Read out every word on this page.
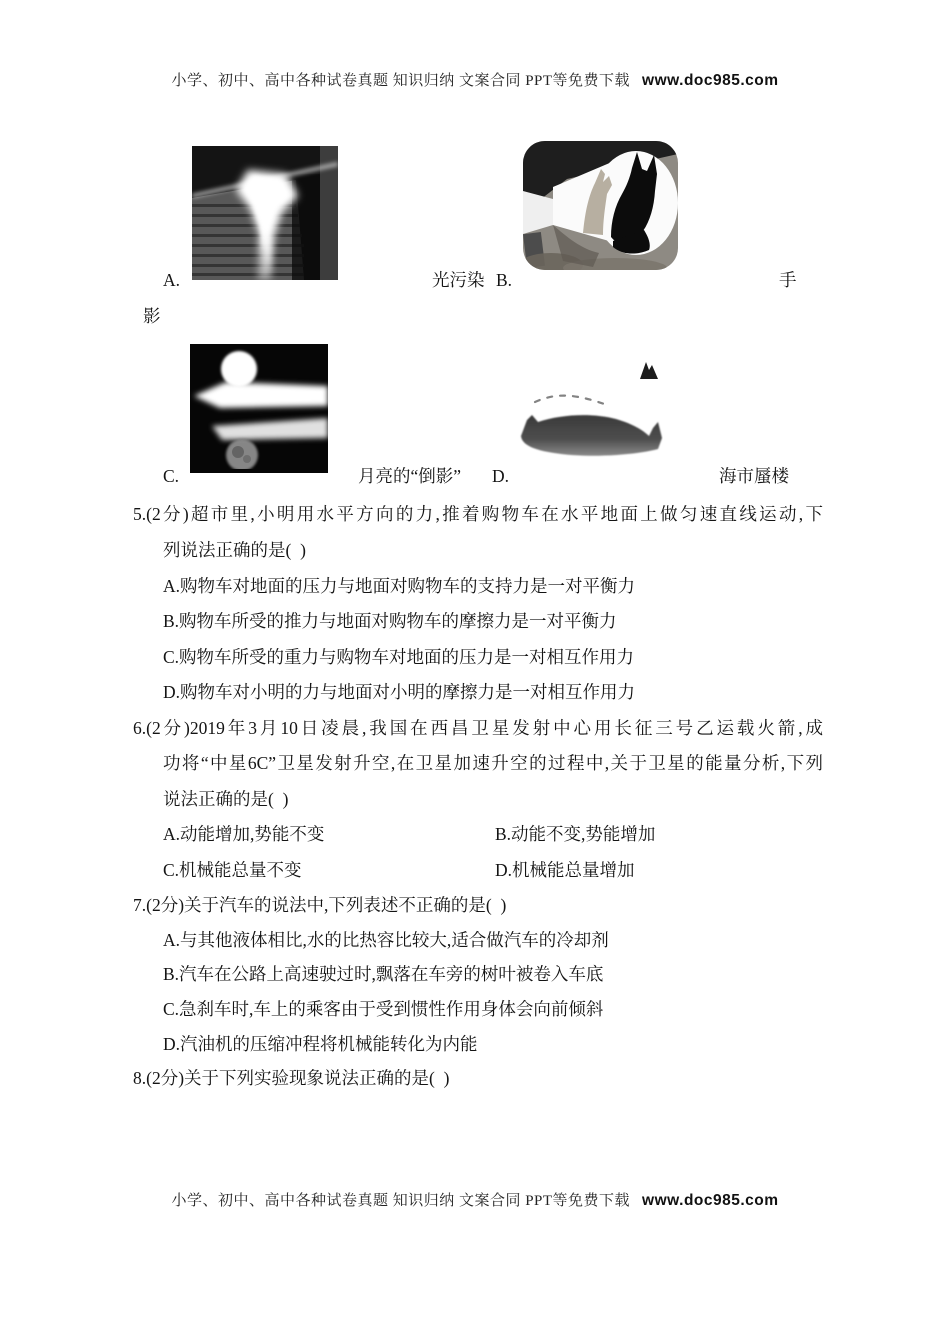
小学、初中、高中各种试卷真题 知识归纳 文案合同 PPT等免费下载 www.doc985.com
A.	光污染 B.	手
影
C.	月亮的“倒影” D.	海市蜃楼
5.(2分)超市里,小明用水平方向的力,推着购物车在水平地面上做匀速直线运动,下
列说法正确的是(  )
A.购物车对地面的压力与地面对购物车的支持力是一对平衡力
B.购物车所受的推力与地面对购物车的摩擦力是一对平衡力
C.购物车所受的重力与购物车对地面的压力是一对相互作用力
D.购物车对小明的力与地面对小明的摩擦力是一对相互作用力
6.(2分)2019年3月10日凌晨,我国在西昌卫星发射中心用长征三号乙运载火箭,成
功将“中星6C”卫星发射升空,在卫星加速升空的过程中,关于卫星的能量分析,下列
说法正确的是(  )
A.动能增加,势能不变	B.动能不变,势能增加
C.机械能总量不变	D.机械能总量增加
7.(2分)关于汽车的说法中,下列表述不正确的是(  )
A.与其他液体相比,水的比热容比较大,适合做汽车的冷却剂
B.汽车在公路上高速驶过时,飘落在车旁的树叶被卷入车底
C.急刹车时,车上的乘客由于受到惯性作用身体会向前倾斜
D.汽油机的压缩冲程将机械能转化为内能
8.(2分)关于下列实验现象说法正确的是(  )
小学、初中、高中各种试卷真题 知识归纳 文案合同 PPT等免费下载 www.doc985.com
